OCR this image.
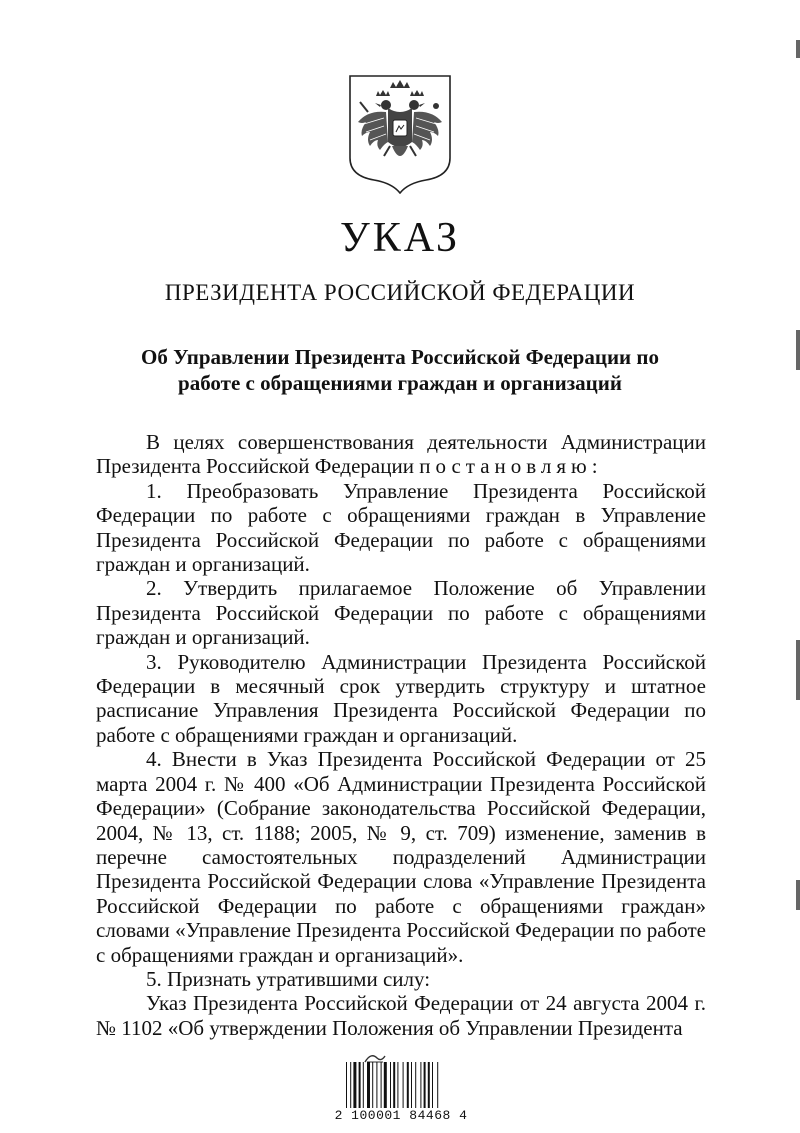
УКАЗ
ПРЕЗИДЕНТА РОССИЙСКОЙ ФЕДЕРАЦИИ
Об Управлении Президента Российской Федерации по
работе с обращениями граждан и организаций

В целях совершенствования деятельности Администрации Президента Российской Федерации постановляю:

1. Преобразовать Управление Президента Российской Федерации по работе с обращениями граждан в Управление Президента Российской Федерации по работе с обращениями граждан и организаций.

2. Утвердить прилагаемое Положение об Управлении Президента Российской Федерации по работе с обращениями граждан и организаций.

3. Руководителю Администрации Президента Российской Федерации в месячный срок утвердить структуру и штатное расписание Управления Президента Российской Федерации по работе с обращениями граждан и организаций.

4. Внести в Указ Президента Российской Федерации от 25 марта 2004 г. № 400 «Об Администрации Президента Российской Федерации» (Собрание законодательства Российской Федерации, 2004, № 13, ст. 1188; 2005, № 9, ст. 709) изменение, заменив в перечне самостоятельных подразделений Администрации Президента Российской Федерации слова «Управление Президента Российской Федерации по работе с обращениями граждан» словами «Управление Президента Российской Федерации по работе с обращениями граждан и организаций».

5. Признать утратившими силу:

Указ Президента Российской Федерации от 24 августа 2004 г. № 1102 «Об утверждении Положения об Управлении Президента

2 100001 84468 4
